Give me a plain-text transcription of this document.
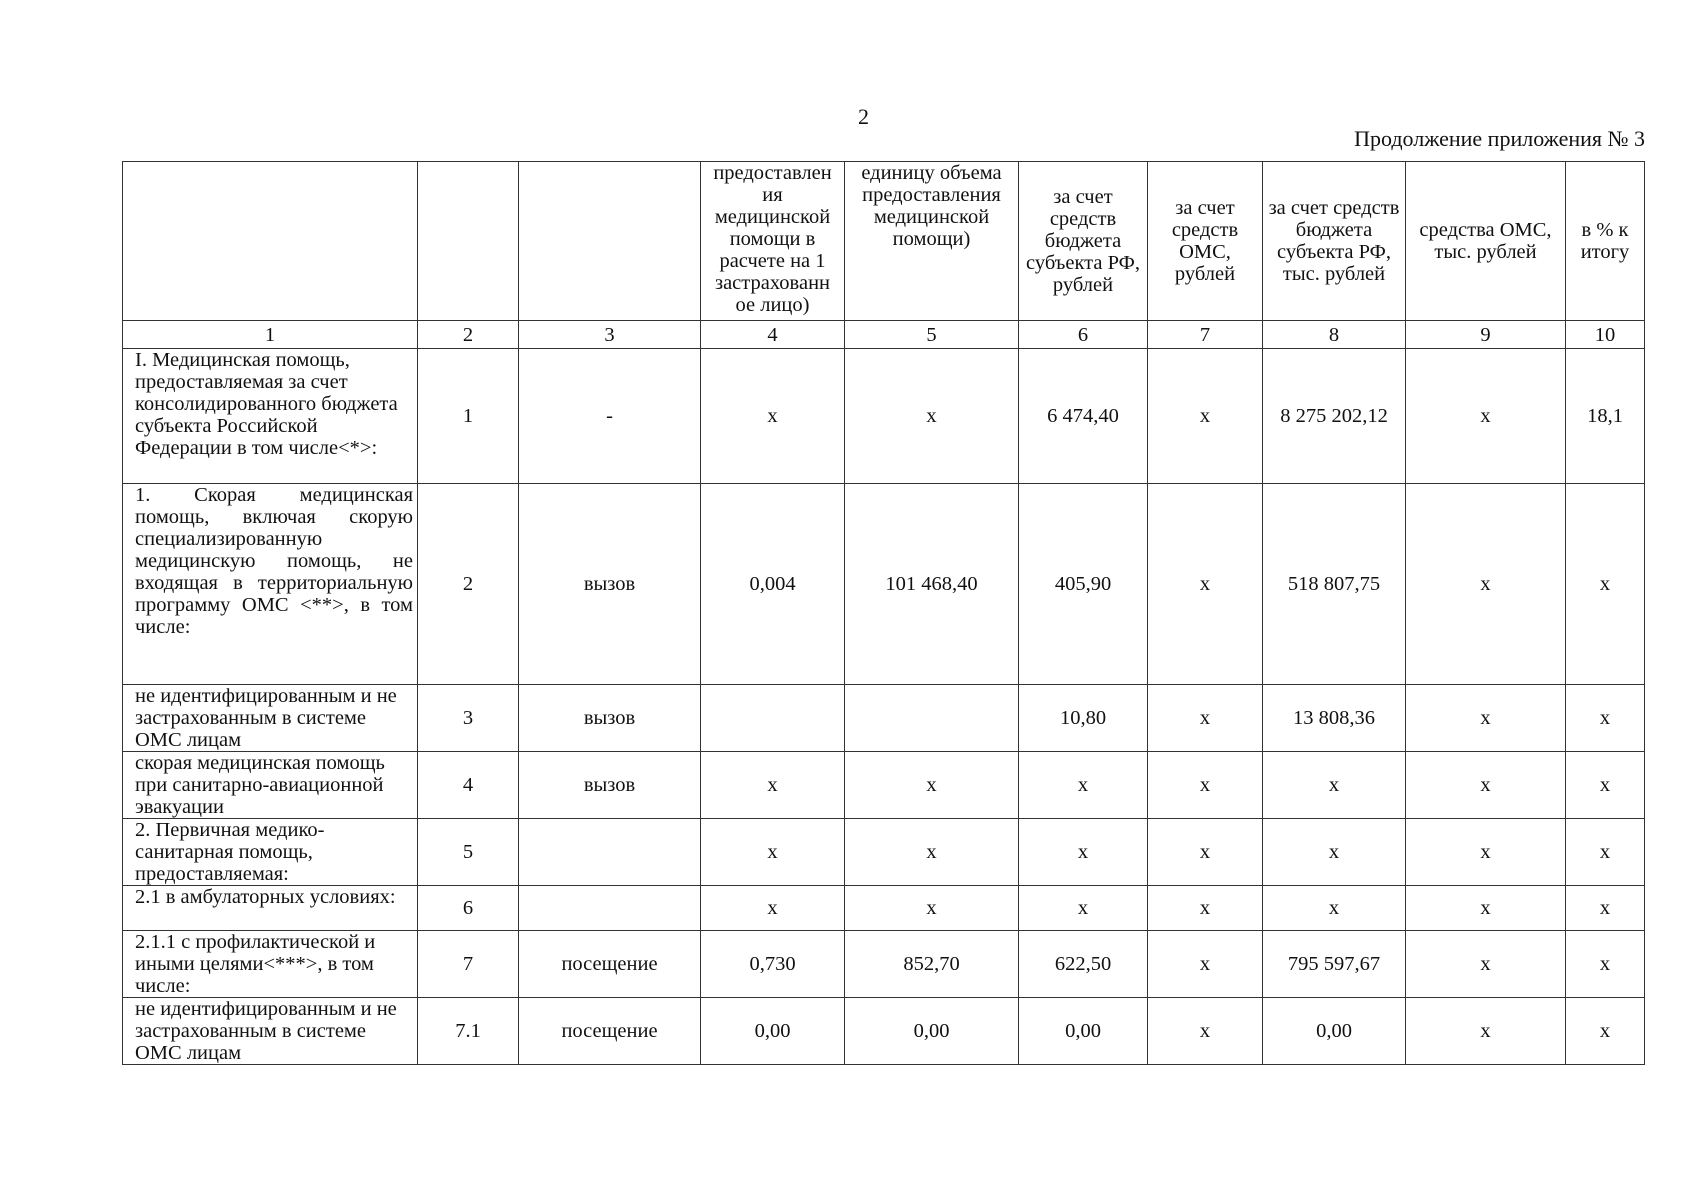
2
Продолжение приложения № 3
			предоставлен ия медицинской помощи в расчете на 1 застрахованн ое лицо)	единицу объема предоставления медицинской помощи)	за счет средств бюджета субъекта РФ, рублей	за счет средств ОМС, рублей	за счет средств бюджета субъекта РФ, тыс. рублей	средства ОМС, тыс. рублей	в % к итогу
1	2	3	4	5	6	7	8	9	10
I. Медицинская помощь, предоставляемая за счет консолидированного бюджета субъекта Российской Федерации в том числе<*>:	1	-	x	x	6 474,40	x	8 275 202,12	x	18,1
1. Скорая медицинская помощь, включая скорую специализированную медицинскую помощь, не входящая в территориальную программу ОМС <**>, в том числе:	2	вызов	0,004	101 468,40	405,90	x	518 807,75	x	x
не идентифицированным и не застрахованным в системе ОМС лицам	3	вызов			10,80	x	13 808,36	x	x
скорая медицинская помощь при санитарно-авиационной эвакуации	4	вызов	x	x	x	x	x	x	x
2. Первичная медико-санитарная помощь, предоставляемая:	5		x	x	x	x	x	x	x
2.1 в амбулаторных условиях:	6		x	x	x	x	x	x	x
2.1.1 с профилактической и иными целями<***>, в том числе:	7	посещение	0,730	852,70	622,50	x	795 597,67	x	x
не идентифицированным и не застрахованным в системе ОМС лицам	7.1	посещение	0,00	0,00	0,00	x	0,00	x	x
